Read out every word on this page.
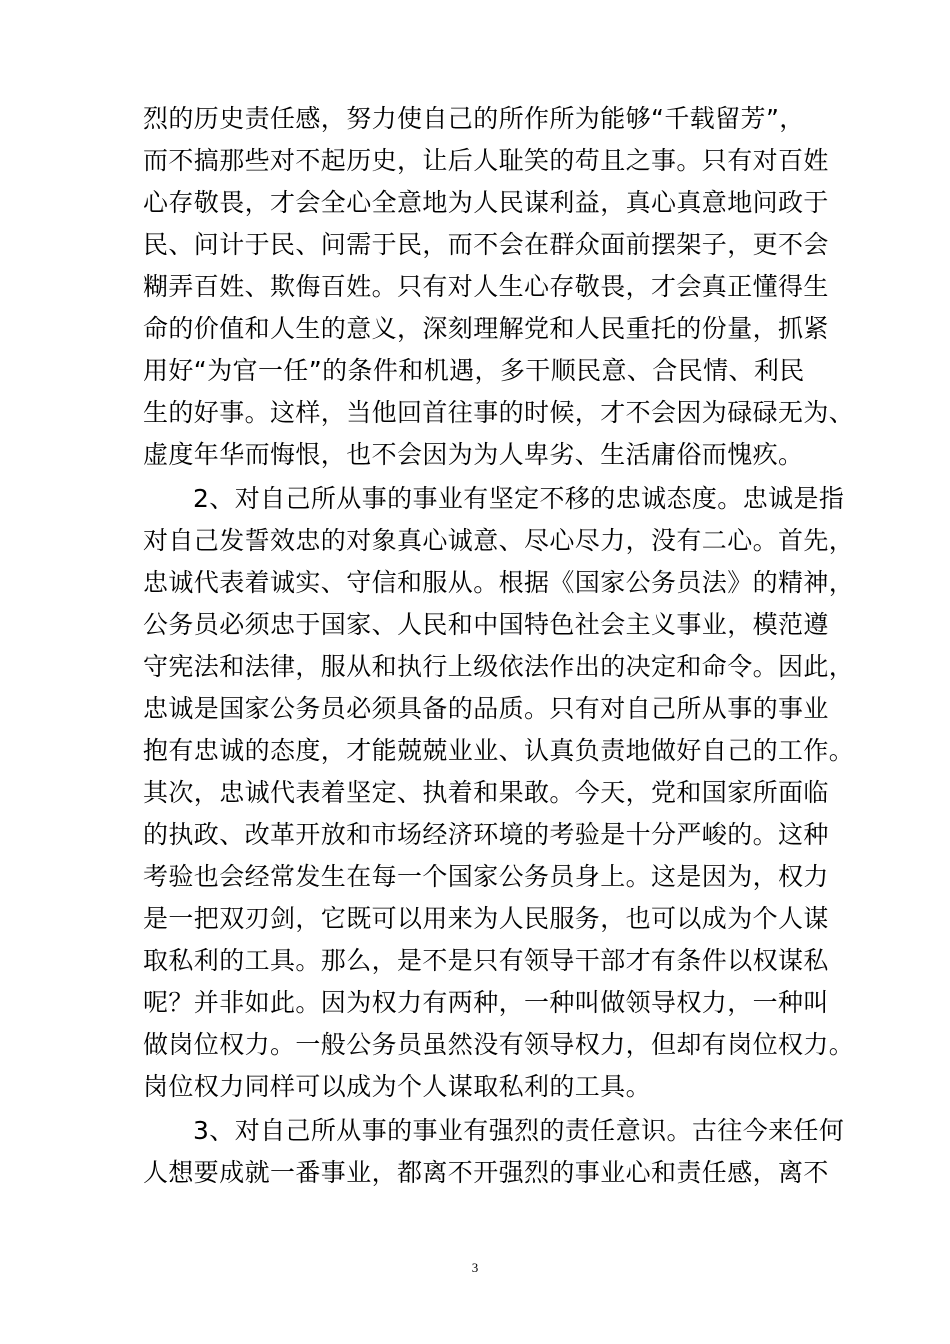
烈的历史责任感，努力使自己的所作所为能够“千载留芳”，
而不搞那些对不起历史，让后人耻笑的苟且之事。只有对百姓
心存敬畏，才会全心全意地为人民谋利益，真心真意地问政于
民、问计于民、问需于民，而不会在群众面前摆架子，更不会
糊弄百姓、欺侮百姓。只有对人生心存敬畏，才会真正懂得生
命的价值和人生的意义，深刻理解党和人民重托的份量，抓紧
用好“为官一任”的条件和机遇，多干顺民意、合民情、利民
生的好事。这样，当他回首往事的时候，才不会因为碌碌无为、
虚度年华而悔恨，也不会因为为人卑劣、生活庸俗而愧疚。
2、对自己所从事的事业有坚定不移的忠诚态度。忠诚是指
对自己发誓效忠的对象真心诚意、尽心尽力，没有二心。首先，
忠诚代表着诚实、守信和服从。根据《国家公务员法》的精神，
公务员必须忠于国家、人民和中国特色社会主义事业，模范遵
守宪法和法律，服从和执行上级依法作出的决定和命令。因此，
忠诚是国家公务员必须具备的品质。只有对自己所从事的事业
抱有忠诚的态度，才能兢兢业业、认真负责地做好自己的工作。
其次，忠诚代表着坚定、执着和果敢。今天，党和国家所面临
的执政、改革开放和市场经济环境的考验是十分严峻的。这种
考验也会经常发生在每一个国家公务员身上。这是因为，权力
是一把双刃剑，它既可以用来为人民服务，也可以成为个人谋
取私利的工具。那么，是不是只有领导干部才有条件以权谋私
呢？并非如此。因为权力有两种，一种叫做领导权力，一种叫
做岗位权力。一般公务员虽然没有领导权力，但却有岗位权力。
岗位权力同样可以成为个人谋取私利的工具。
3、对自己所从事的事业有强烈的责任意识。古往今来任何
人想要成就一番事业，都离不开强烈的事业心和责任感，离不
3
